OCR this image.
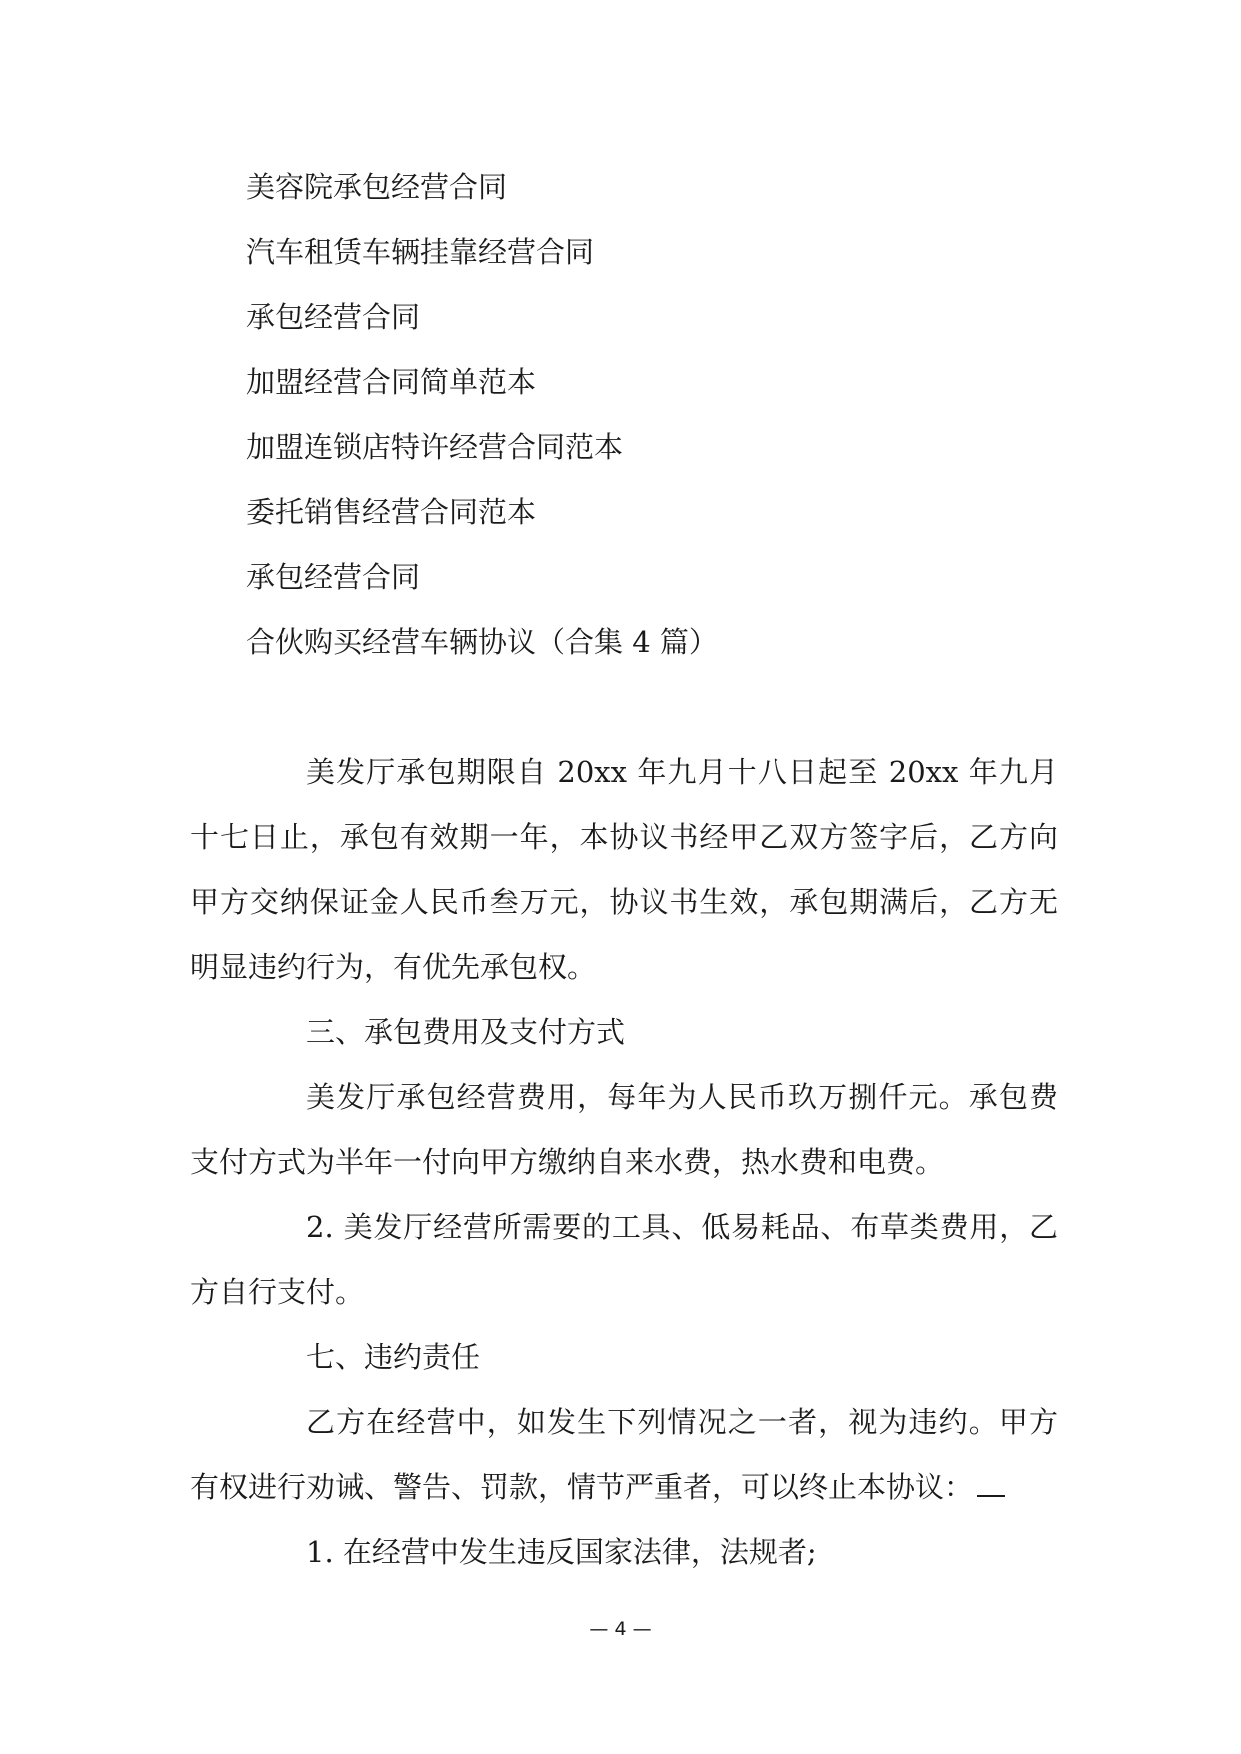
美容院承包经营合同
汽车租赁车辆挂靠经营合同
承包经营合同
加盟经营合同简单范本
加盟连锁店特许经营合同范本
委托销售经营合同范本
承包经营合同
合伙购买经营车辆协议（合集 4 篇）

美发厅承包期限自 20xx 年九月十八日起至 20xx 年九月十七日止，承包有效期一年，本协议书经甲乙双方签字后，乙方向甲方交纳保证金人民币叁万元，协议书生效，承包期满后，乙方无明显违约行为，有优先承包权。

三、承包费用及支付方式

美发厅承包经营费用，每年为人民币玖万捌仟元。承包费支付方式为半年一付向甲方缴纳自来水费，热水费和电费。

2. 美发厅经营所需要的工具、低易耗品、布草类费用，乙方自行支付。

七、违约责任

乙方在经营中，如发生下列情况之一者，视为违约。甲方有权进行劝诫、警告、罚款，情节严重者，可以终止本协议：

1. 在经营中发生违反国家法律，法规者;

— 4 —
